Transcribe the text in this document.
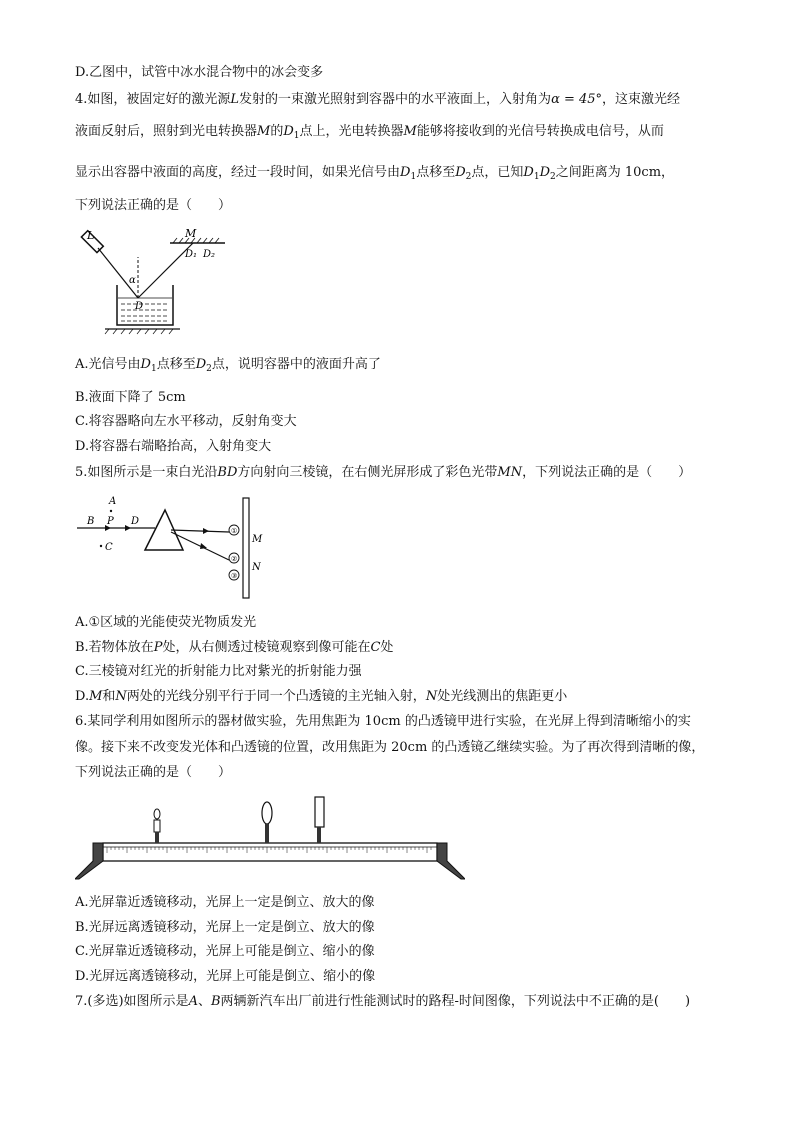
D.乙图中，试管中冰水混合物中的冰会变多
4.如图，被固定好的激光源L发射的一束激光照射到容器中的水平液面上，入射角为α = 45°，这束激光经
液面反射后，照射到光电转换器M的$D_1$点上，光电转换器M能够将接收到的光信号转换成电信号，从而
显示出容器中液面的高度，经过一段时间，如果光信号由$D_1$点移至$D_2$点，已知$D_1D_2$之间距离为 10cm，
下列说法正确的是（　　）
L	M
D₁ D₂
α
D
A.光信号由$D_1$点移至$D_2$点，说明容器中的液面升高了
B.液面下降了 5cm
C.将容器略向左水平移动，反射角变大
D.将容器右端略抬高，入射角变大
5.如图所示是一束白光沿BD方向射向三棱镜，在右侧光屏形成了彩色光带MN，下列说法正确的是（　　）
①
②
③
A
B P D
C
M
N
A.①区域的光能使荧光物质发光
B.若物体放在P处，从右侧透过棱镜观察到像可能在C处
C.三棱镜对红光的折射能力比对紫光的折射能力强
D.M和N两处的光线分别平行于同一个凸透镜的主光轴入射，N处光线测出的焦距更小
6.某同学利用如图所示的器材做实验，先用焦距为 10cm 的凸透镜甲进行实验，在光屏上得到清晰缩小的实
像。接下来不改变发光体和凸透镜的位置，改用焦距为 20cm 的凸透镜乙继续实验。为了再次得到清晰的像，
下列说法正确的是（　　）
A.光屏靠近透镜移动，光屏上一定是倒立、放大的像
B.光屏远离透镜移动，光屏上一定是倒立、放大的像
C.光屏靠近透镜移动，光屏上可能是倒立、缩小的像
D.光屏远离透镜移动，光屏上可能是倒立、缩小的像
7.(多选)如图所示是A、B两辆新汽车出厂前进行性能测试时的路程-时间图像，下列说法中不正确的是(　　)
